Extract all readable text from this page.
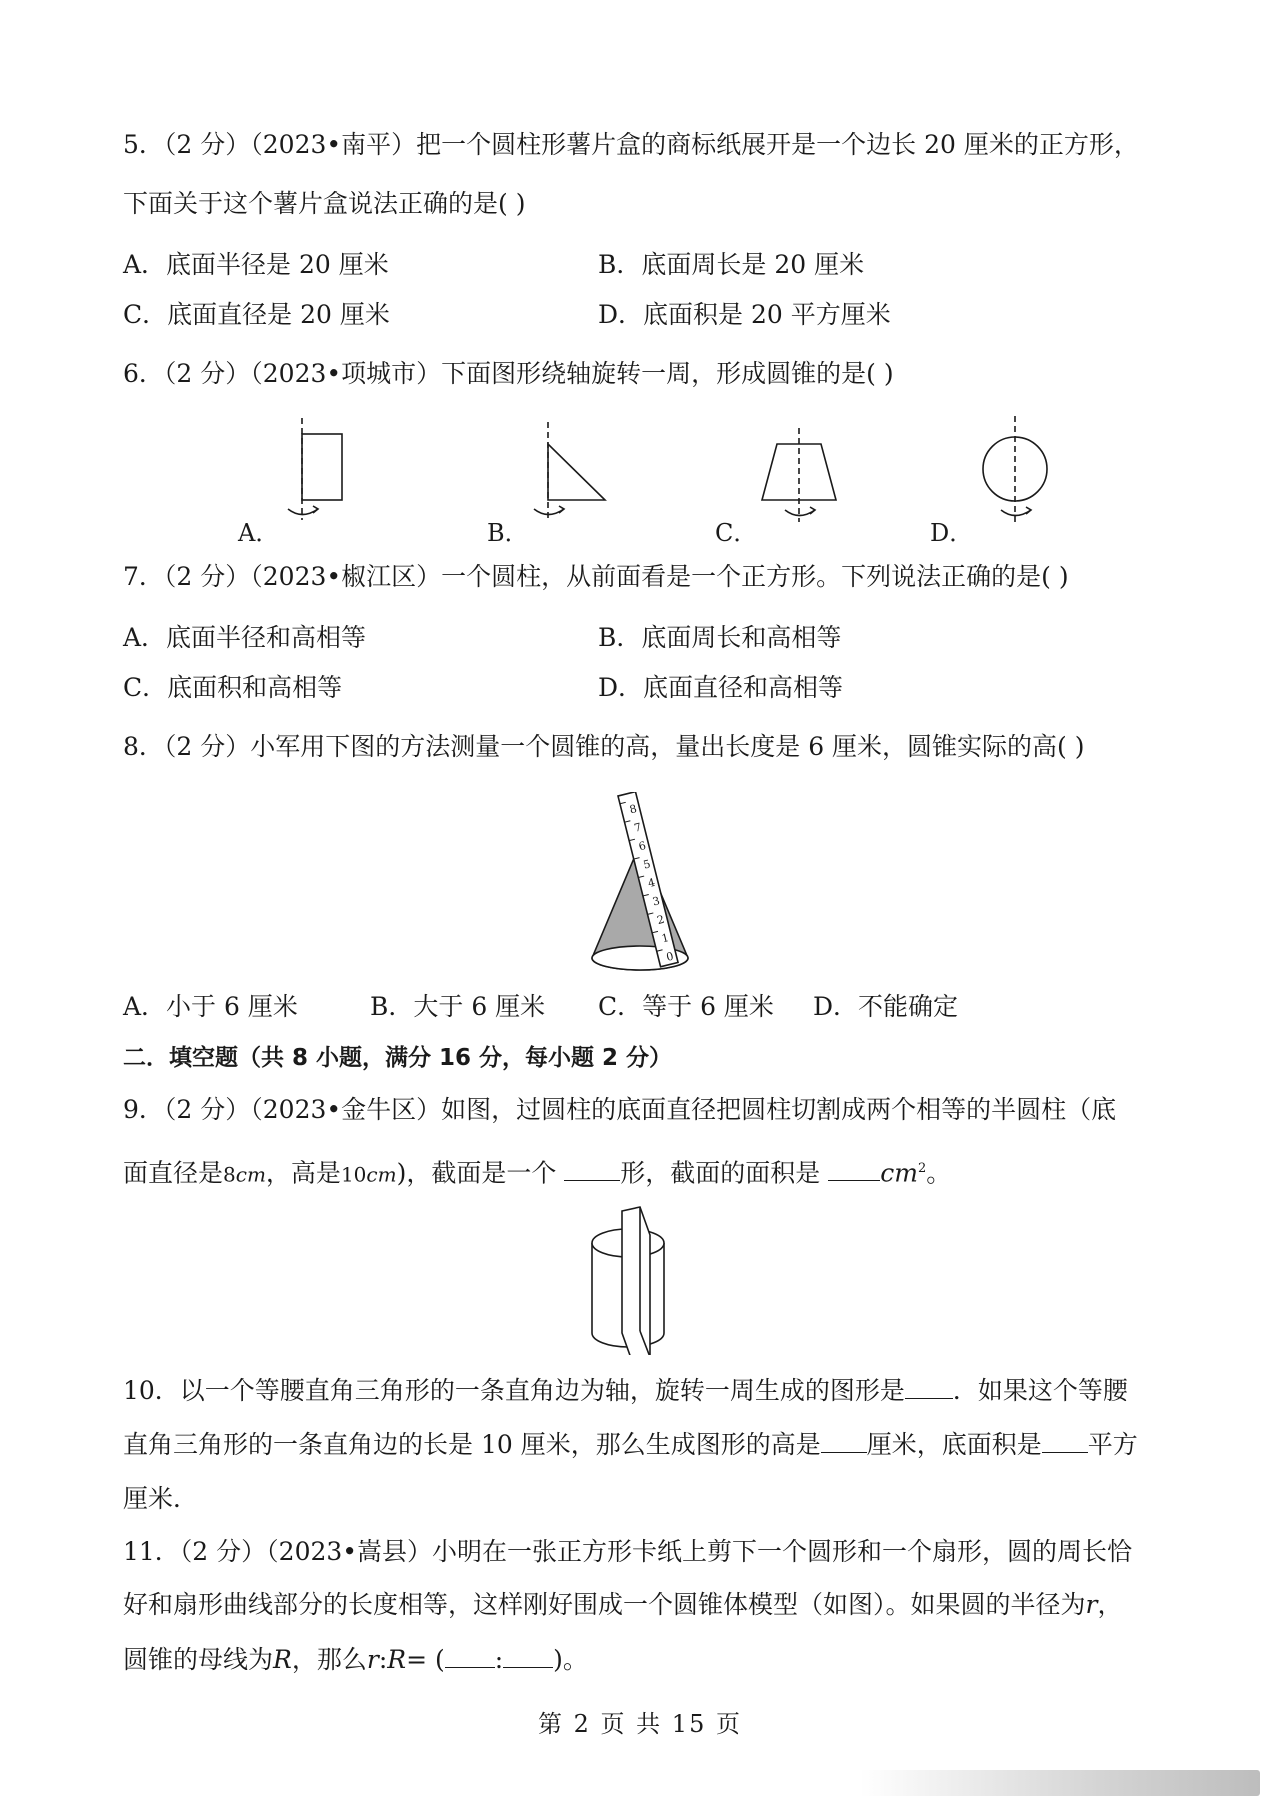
5．（2 分）（2023•南平）把一个圆柱形薯片盒的商标纸展开是一个边长 20 厘米的正方形，
下面关于这个薯片盒说法正确的是( )
A．底面半径是 20 厘米	B．底面周长是 20 厘米
C．底面直径是 20 厘米	D．底面积是 20 平方厘米
6．（2 分）（2023•项城市）下面图形绕轴旋转一周，形成圆锥的是( )
A．	B．	C．	D．
7．（2 分）（2023•椒江区）一个圆柱，从前面看是一个正方形。下列说法正确的是( )
A．底面半径和高相等	B．底面周长和高相等
C．底面积和高相等	D．底面直径和高相等
8．（2 分）小军用下图的方法测量一个圆锥的高，量出长度是 6 厘米，圆锥实际的高( )
0
1
2
3
4
5
6
7
8
A．小于 6 厘米	B．大于 6 厘米 C．等于 6 厘米 D．不能确定
二．填空题（共 8 小题，满分 16 分，每小题 2 分）
9．（2 分）（2023•金牛区）如图，过圆柱的底面直径把圆柱切割成两个相等的半圆柱（底
面直径是8cm，高是10cm)，截面是一个	形，截面的面积是 $cm^2$。
10．以一个等腰直角三角形的一条直角边为轴，旋转一周生成的图形是 ．如果这个等腰
直角三角形的一条直角边的长是 10 厘米，那么生成图形的高是 厘米，底面积是 平方
厘米．
11．（2 分）（2023•嵩县）小明在一张正方形卡纸上剪下一个圆形和一个扇形，圆的周长恰
好和扇形曲线部分的长度相等，这样刚好围成一个圆锥体模型（如图）。如果圆的半径为r，
圆锥的母线为R，那么r:R= ( : )。
第 2 页 共 15 页
